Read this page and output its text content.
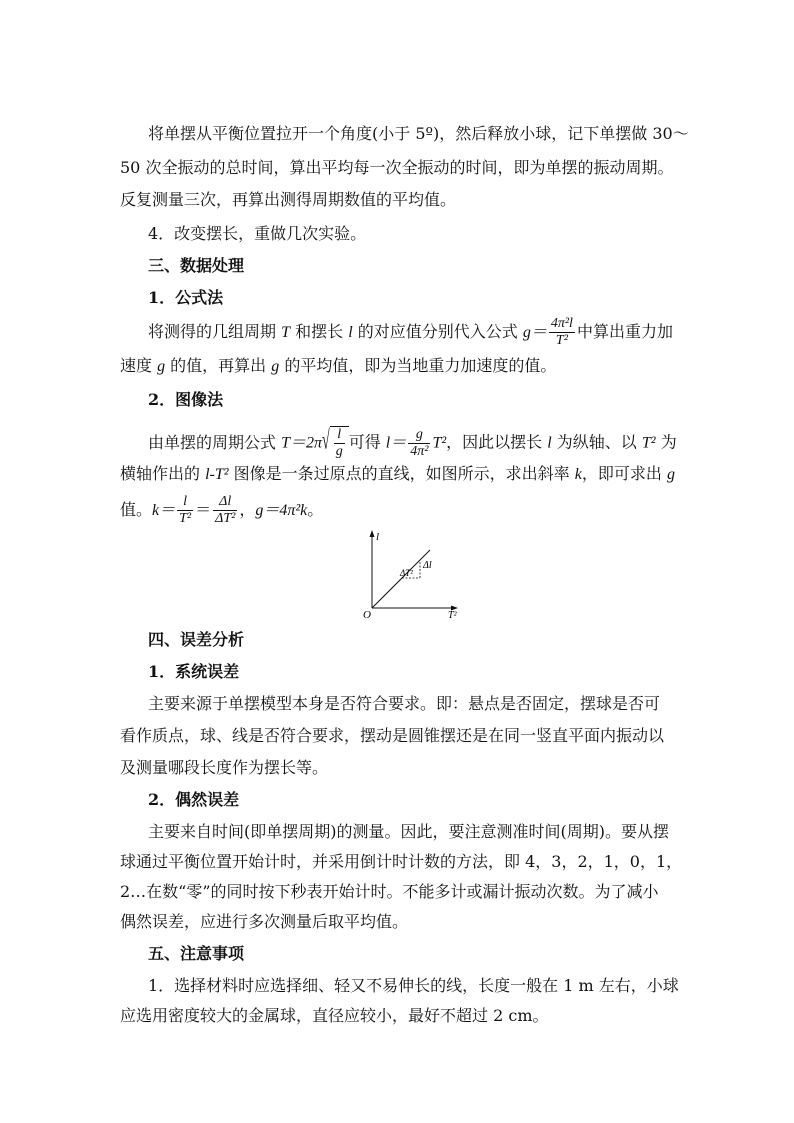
将单摆从平衡位置拉开一个角度(小于 5º)，然后释放小球，记下单摆做 30～
50 次全振动的总时间，算出平均每一次全振动的时间，即为单摆的振动周期。
反复测量三次，再算出测得周期数值的平均值。
4．改变摆长，重做几次实验。
三、数据处理
1．公式法
将测得的几组周期 T 和摆长 l 的对应值分别代入公式 $g= \frac{\text{4π²l}}{\text{T²}}$ 中算出重力加
速度 g 的值，再算出 g 的平均值，即为当地重力加速度的值。
2．图像法
由单摆的周期公式 $T=2\pi√ \frac{l}{g}$ 可得 $l= \frac{g}{\text{4π²}} T^2$，因此以摆长 l 为纵轴、以 T² 为
横轴作出的 l-T² 图像是一条过原点的直线，如图所示，求出斜率 k，即可求出 g
值。$k= \frac{l}{\text{T²}} = \frac{\Delta l}{\text{ΔT²}}$ ，g＝4π²k。
l
T²
O
Δl
ΔT²
四、误差分析
1．系统误差
主要来源于单摆模型本身是否符合要求。即：悬点是否固定，摆球是否可
看作质点，球、线是否符合要求，摆动是圆锥摆还是在同一竖直平面内振动以
及测量哪段长度作为摆长等。
2．偶然误差
主要来自时间(即单摆周期)的测量。因此，要注意测准时间(周期)。要从摆
球通过平衡位置开始计时，并采用倒计时计数的方法，即 4，3，2，1，0，1，
2…在数“零”的同时按下秒表开始计时。不能多计或漏计振动次数。为了减小
偶然误差，应进行多次测量后取平均值。
五、注意事项
1．选择材料时应选择细、轻又不易伸长的线，长度一般在 1 m 左右，小球
应选用密度较大的金属球，直径应较小，最好不超过 2 cm。
